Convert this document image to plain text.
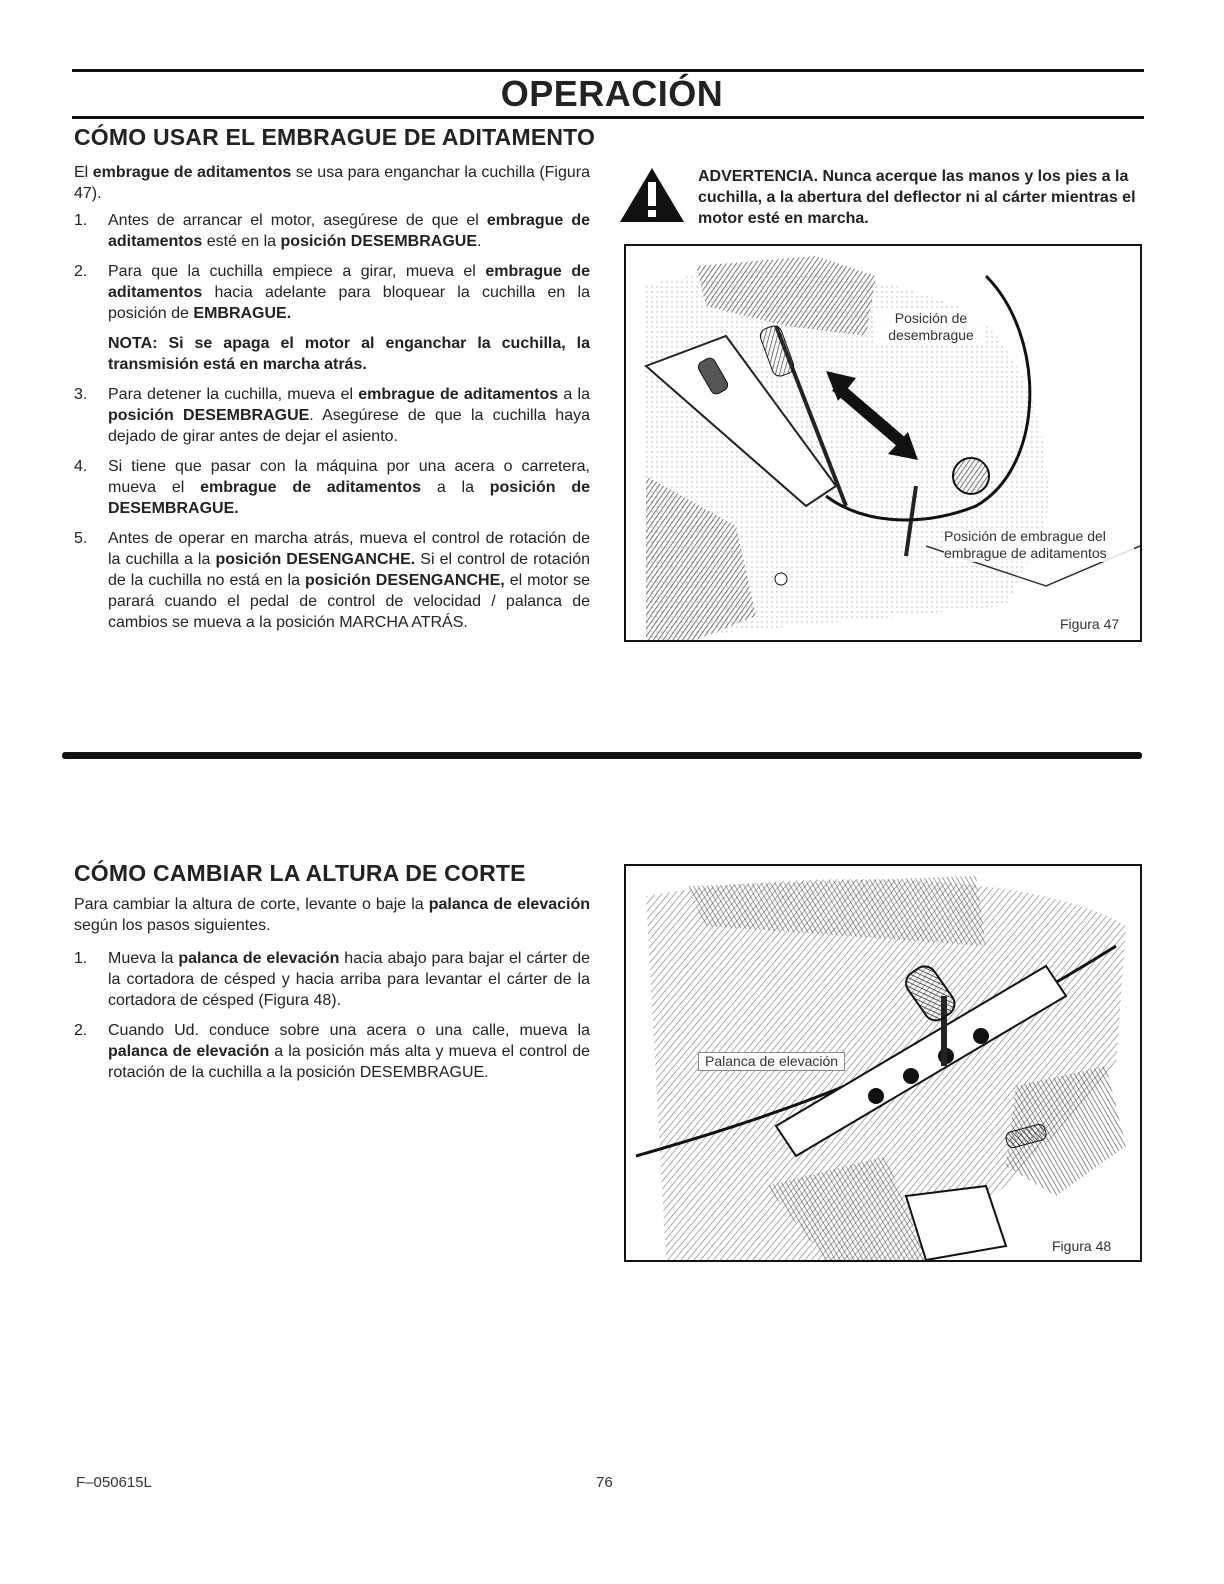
OPERACIÓN
CÓMO USAR EL EMBRAGUE DE ADITAMENTO
El embrague de aditamentos se usa para enganchar la cuchilla (Figura 47).
1. Antes de arrancar el motor, asegúrese de que el embrague de aditamentos esté en la posición DESEMBRAGUE.
2. Para que la cuchilla empiece a girar, mueva el embrague de aditamentos hacia adelante para bloquear la cuchilla en la posición de EMBRAGUE.
NOTA: Si se apaga el motor al enganchar la cuchilla, la transmisión está en marcha atrás.
3. Para detener la cuchilla, mueva el embrague de aditamentos a la posición DESEMBRAGUE. Asegúrese de que la cuchilla haya dejado de girar antes de dejar el asiento.
4. Si tiene que pasar con la máquina por una acera o carretera, mueva el embrague de aditamentos a la posición de DESEMBRAGUE.
5. Antes de operar en marcha atrás, mueva el control de rotación de la cuchilla a la posición DESENGANCHE. Si el control de rotación de la cuchilla no está en la posición DESENGANCHE, el motor se parará cuando el pedal de control de velocidad / palanca de cambios se mueva a la posición MARCHA ATRÁS.
ADVERTENCIA. Nunca acerque las manos y los pies a la cuchilla, a la abertura del deflector ni al cárter mientras el motor esté en marcha.
Posición de desembrague
Posición de embrague del embrague de aditamentos
Figura 47
CÓMO CAMBIAR LA ALTURA DE CORTE
Para cambiar la altura de corte, levante o baje la palanca de elevación según los pasos siguientes.
1. Mueva la palanca de elevación hacia abajo para bajar el cárter de la cortadora de césped y hacia arriba para levantar el cárter de la cortadora de césped (Figura 48).
2. Cuando Ud. conduce sobre una acera o una calle, mueva la palanca de elevación a la posición más alta y mueva el control de rotación de la cuchilla a la posición DESEMBRAGUE.
Palanca de elevación
Figura 48
F–050615L	76
